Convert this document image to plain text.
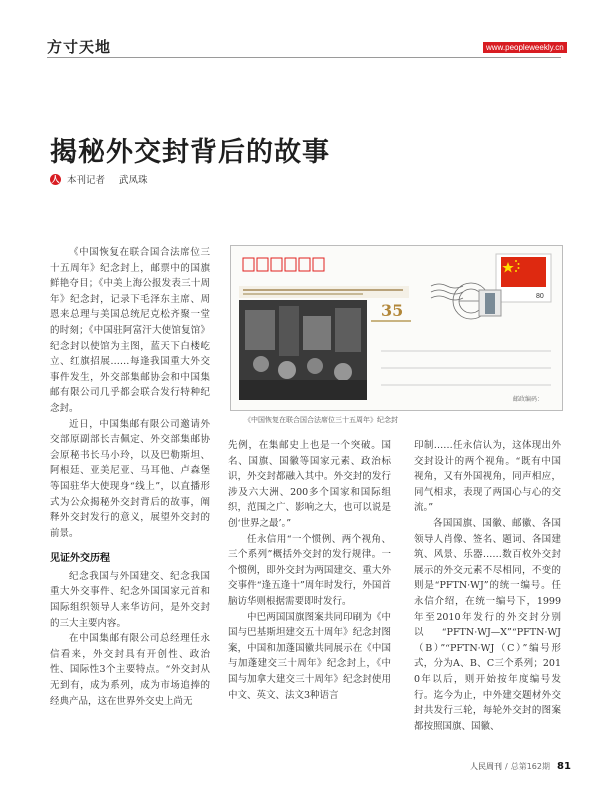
方寸天地	www.peopleweekly.cn
揭秘外交封背后的故事
人 本刊记者 武凤珠

《中国恢复在联合国合法席位三十五周年》纪念封上，邮票中的国旗鲜艳夺目；《中美上海公报发表三十周年》纪念封，记录下毛泽东主席、周恩来总理与美国总统尼克松齐聚一堂的时刻；《中国驻阿富汗大使馆复馆》纪念封以使馆为主图，蓝天下白楼屹立、红旗招展……每逢我国重大外交事件发生，外交部集邮协会和中国集邮有限公司几乎都会联合发行特种纪念封。

近日，中国集邮有限公司邀请外交部原副部长吉佩定、外交部集邮协会原秘书长马小玲，以及巴勒斯坦、阿根廷、亚美尼亚、马耳他、卢森堡等国驻华大使现身“线上”，以直播形式为公众揭秘外交封背后的故事，阐释外交封发行的意义，展望外交封的前景。

见证外交历程

纪念我国与外国建交、纪念我国重大外交事件、纪念外国国家元首和国际组织领导人来华访问，是外交封的三大主要内容。

在中国集邮有限公司总经理任永信看来，外交封具有开创性、政治性、国际性3个主要特点。“外交封从无到有，成为系列，成为市场追捧的经典产品，这在世界外交史上尚无

80
35
邮政编码：
《中国恢复在联合国合法席位三十五周年》纪念封

先例，在集邮史上也是一个突破。国名、国旗、国徽等国家元素、政治标识，外交封都融入其中。外交封的发行涉及六大洲、200多个国家和国际组织，范围之广、影响之大，也可以说是创‘世界之最’。”

任永信用“一个惯例、两个视角、三个系列”概括外交封的发行规律。一个惯例，即外交封为两国建交、重大外交事件“逢五逢十”周年时发行，外国首脑访华则根据需要即时发行。

中巴两国国旗图案共同印刷为《中国与巴基斯坦建交五十周年》纪念封图案，中国和加蓬国徽共同展示在《中国与加蓬建交三十周年》纪念封上，《中国与加拿大建交三十周年》纪念封使用中文、英文、法文3种语言

印制……任永信认为，这体现出外交封设计的两个视角。“既有中国视角，又有外国视角，同声相应，同气相求，表现了两国心与心的交流。”

各国国旗、国徽、邮徽、各国领导人肖像、签名、题词、各国建筑、风景、乐器……数百枚外交封展示的外交元素不尽相同，不变的则是“PFTN·WJ”的统一编号。任永信介绍，在统一编号下，1999年至2010年发行的外交封分别以“PFTN·WJ—X”“PFTN·WJ（B）”“PFTN·WJ（C）”编号形式，分为A、B、C三个系列；2010年以后，则开始按年度编号发行。迄今为止，中外建交题材外交封共发行三轮，每轮外交封的图案都按照国旗、国徽、

人民周刊 / 总第162期 81
